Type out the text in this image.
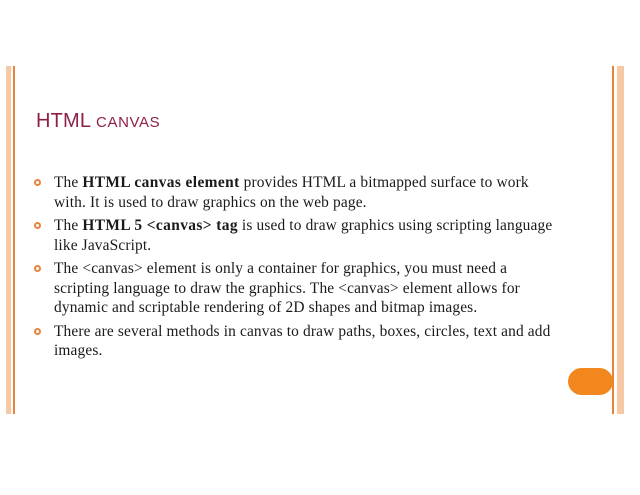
HTML CANVAS
The HTML canvas element provides HTML a bitmapped surface to work with. It is used to draw graphics on the web page.
The HTML 5 <canvas> tag is used to draw graphics using scripting language like JavaScript.
The <canvas> element is only a container for graphics, you must need a scripting language to draw the graphics. The <canvas> element allows for dynamic and scriptable rendering of 2D shapes and bitmap images.
There are several methods in canvas to draw paths, boxes, circles, text and add images.
